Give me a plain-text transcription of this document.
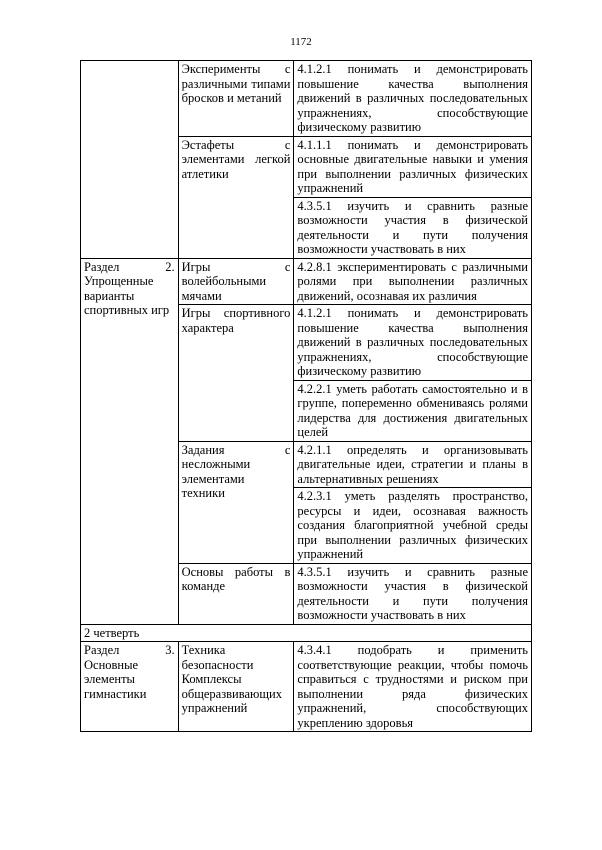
1172
	Эксперименты с различными типами бросков и метаний	4.1.2.1 понимать и демонстрировать повышение качества выполнения движений в различных последовательных упражнениях, способствующие физическому развитию
	Эстафеты с элементами легкой атлетики	4.1.1.1 понимать и демонстрировать основные двигательные навыки и умения при выполнении различных физических упражнений
		4.3.5.1 изучить и сравнить разные возможности участия в физической деятельности и пути получения возможности участвовать в них
Раздел 2. Упрощенные варианты спортивных игр	Игры с волейбольными мячами	4.2.8.1 экспериментировать с различными ролями при выполнении различных движений, осознавая их различия
	Игры спортивного характера	4.1.2.1 понимать и демонстрировать повышение качества выполнения движений в различных последовательных упражнениях, способствующие физическому развитию
		4.2.2.1 уметь работать самостоятельно и в группе, попеременно обмениваясь ролями лидерства для достижения двигательных целей
	Задания с несложными элементами техники	4.2.1.1 определять и организовывать двигательные идеи, стратегии и планы в альтернативных решениях
		4.2.3.1 уметь разделять пространство, ресурсы и идеи, осознавая важность создания благоприятной учебной среды при выполнении различных физических упражнений
	Основы работы в команде	4.3.5.1 изучить и сравнить разные возможности участия в физической деятельности и пути получения возможности участвовать в них
2 четверть		
Раздел 3. Основные элементы гимнастики	Техника безопасности Комплексы общеразвивающих упражнений	4.3.4.1 подобрать и применить соответствующие реакции, чтобы помочь справиться с трудностями и риском при выполнении ряда физических упражнений, способствующих укреплению здоровья
